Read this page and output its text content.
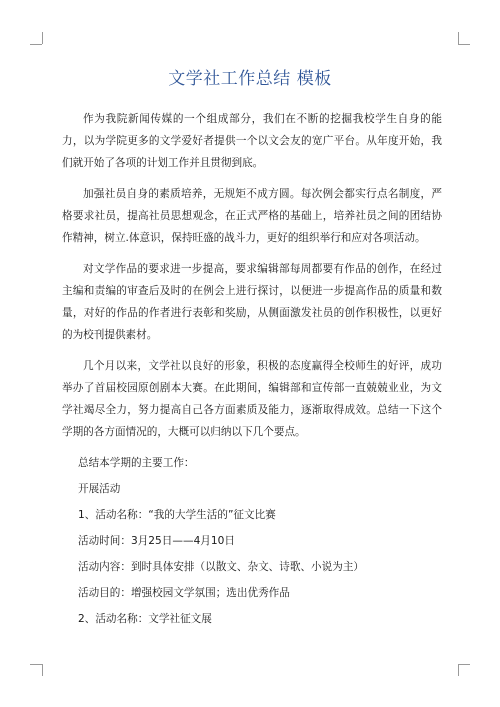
文学社工作总结 模板

作为我院新闻传媒的一个组成部分，我们在不断的挖掘我校学生自身的能力，以为学院更多的文学爱好者提供一个以文会友的宽广平台。从年度开始，我们就开始了各项的计划工作并且贯彻到底。

加强社员自身的素质培养，无规矩不成方圆。每次例会都实行点名制度，严格要求社员，提高社员思想观念，在正式严格的基础上，培养社员之间的团结协作精神，树立.体意识，保持旺盛的战斗力，更好的组织举行和应对各项活动。

对文学作品的要求进一步提高，要求编辑部每周都要有作品的创作，在经过主编和责编的审查后及时的在例会上进行探讨，以便进一步提高作品的质量和数量，对好的作品的作者进行表彰和奖励，从侧面激发社员的创作积极性，以更好的为校刊提供素材。

几个月以来，文学社以良好的形象，积极的态度赢得全校师生的好评，成功举办了首届校园原创剧本大赛。在此期间，编辑部和宣传部一直兢兢业业，为文学社竭尽全力，努力提高自己各方面素质及能力，逐渐取得成效。总结一下这个学期的各方面情况的，大概可以归纳以下几个要点。

总结本学期的主要工作：

开展活动

1、活动名称：“我的大学生活的”征文比赛

活动时间：3月25日——4月10日

活动内容：到时具体安排（以散文、杂文、诗歌、小说为主）

活动目的：增强校园文学氛围；选出优秀作品

2、活动名称：文学社征文展
